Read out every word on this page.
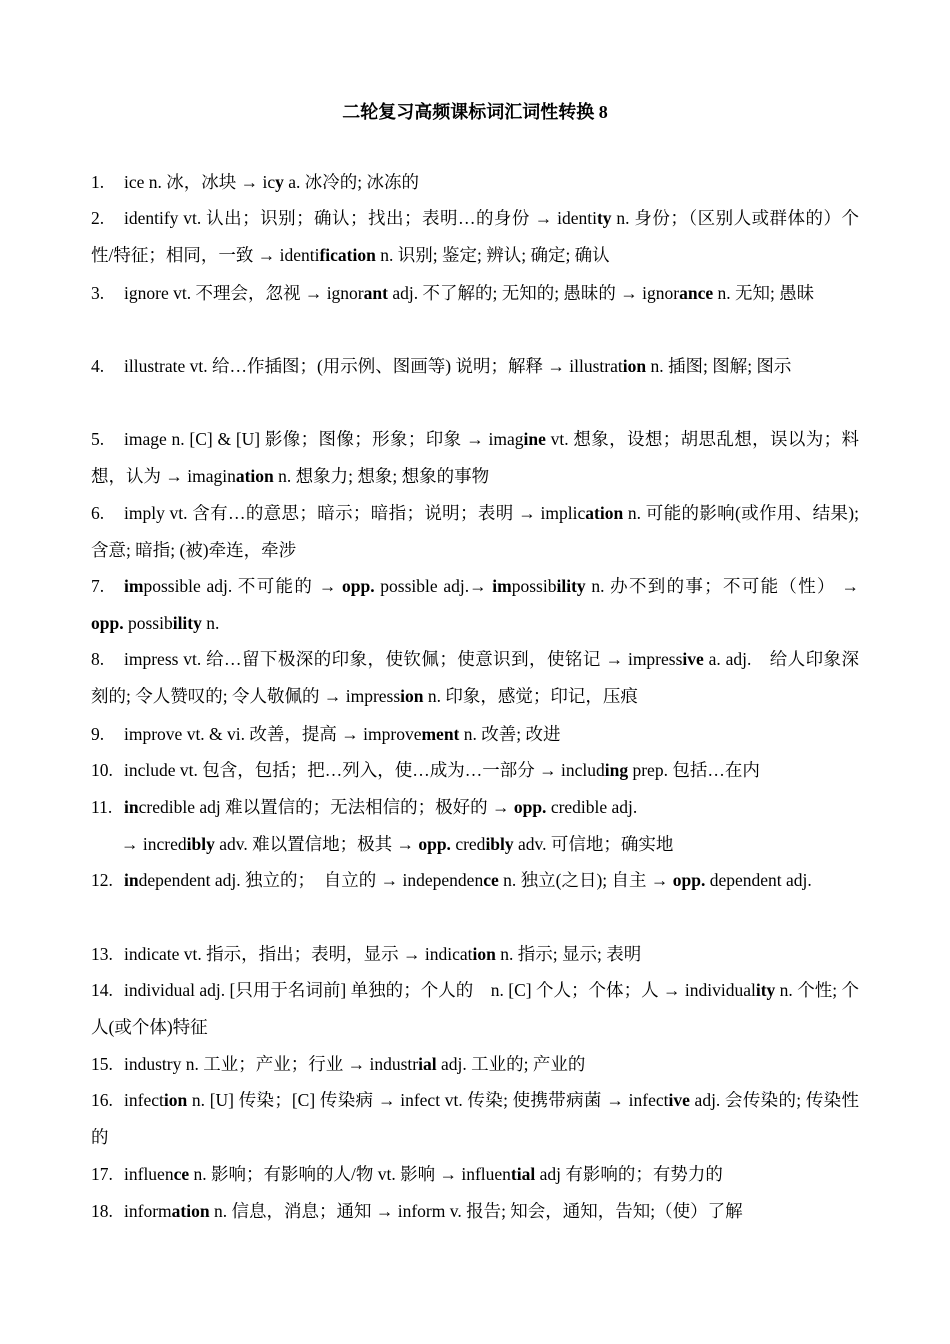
二轮复习高频课标词汇词性转换 8
1. ice n. 冰，冰块 → icy a. 冰冷的; 冰冻的
2. identify vt. 认出；识别；确认；找出；表明…的身份 → identity n. 身份；（区别人或群体的）个性/特征；相同，一致 → identification n. 识别; 鉴定; 辨认; 确定; 确认
3. ignore vt. 不理会，忽视 → ignorant adj. 不了解的; 无知的; 愚昧的 → ignorance n. 无知; 愚昧
4. illustrate vt. 给…作插图；(用示例、图画等) 说明；解释 → illustration n. 插图; 图解; 图示
5. image n. [C] & [U] 影像；图像；形象；印象 → imagine vt. 想象，设想；胡思乱想，误以为；料想，认为 → imagination n. 想象力; 想象; 想象的事物
6. imply vt. 含有…的意思；暗示；暗指；说明；表明 → implication n. 可能的影响(或作用、结果); 含意; 暗指; (被)牵连，牵涉
7. impossible adj. 不可能的 → opp. possible adj.→ impossibility n. 办不到的事；不可能（性） → opp. possibility n.
8. impress vt. 给…留下极深的印象，使钦佩；使意识到，使铭记 → impressive a. adj.　给人印象深刻的; 令人赞叹的; 令人敬佩的 → impression n. 印象，感觉；印记，压痕
9. improve vt. & vi. 改善，提高 → improvement n. 改善; 改进
10. include vt. 包含，包括；把…列入，使…成为…一部分 → including prep. 包括…在内
11. incredible adj 难以置信的；无法相信的；极好的 → opp. credible adj.
→ incredibly adv. 难以置信地；极其 → opp. credibly adv. 可信地；确实地
12. independent adj. 独立的；　自立的 → independence n. 独立(之日); 自主 → opp. dependent adj.
13. indicate vt. 指示，指出；表明，显示 → indication n. 指示; 显示; 表明
14. individual adj. [只用于名词前] 单独的；个人的　n. [C] 个人；个体；人 → individuality n. 个性; 个人(或个体)特征
15. industry n. 工业；产业；行业 → industrial adj. 工业的; 产业的
16. infection n. [U] 传染；[C] 传染病 → infect vt. 传染; 使携带病菌 → infective adj. 会传染的; 传染性的
17. influence n. 影响；有影响的人/物 vt. 影响 → influential adj 有影响的；有势力的
18. information n. 信息，消息；通知 → inform v. 报告; 知会，通知，告知;（使）了解
